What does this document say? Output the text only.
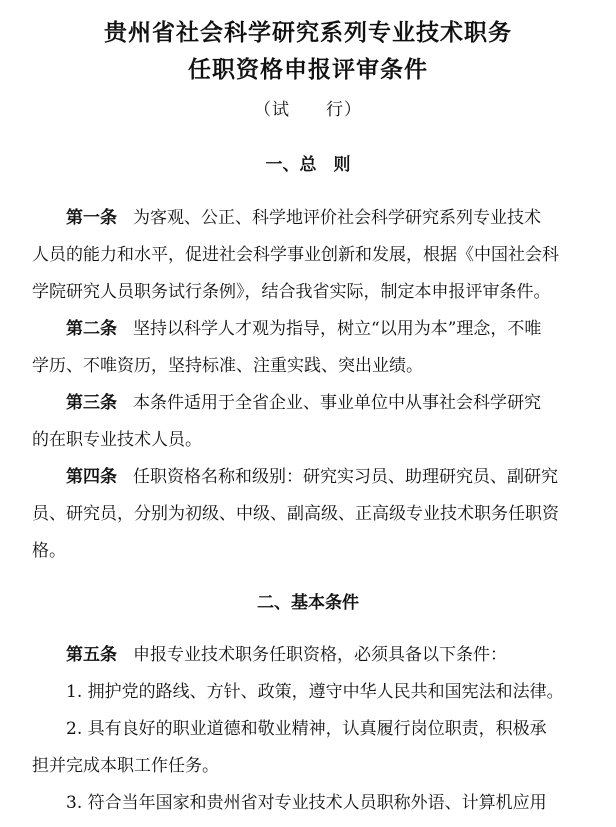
贵州省社会科学研究系列专业技术职务
任职资格申报评审条件
（试　　行）
一、总　则
第一条 为客观、公正、科学地评价社会科学研究系列专业技术
人员的能力和水平，促进社会科学事业创新和发展，根据《中国社会科
学院研究人员职务试行条例》，结合我省实际，制定本申报评审条件。
第二条 坚持以科学人才观为指导，树立“以用为本”理念，不唯
学历、不唯资历，坚持标准、注重实践、突出业绩。
第三条 本条件适用于全省企业、事业单位中从事社会科学研究
的在职专业技术人员。
第四条 任职资格名称和级别：研究实习员、助理研究员、副研究
员、研究员，分别为初级、中级、副高级、正高级专业技术职务任职资
格。
二、基本条件
第五条 申报专业技术职务任职资格，必须具备以下条件：
1. 拥护党的路线、方针、政策，遵守中华人民共和国宪法和法律。
2. 具有良好的职业道德和敬业精神，认真履行岗位职责，积极承
担并完成本职工作任务。
3. 符合当年国家和贵州省对专业技术人员职称外语、计算机应用
